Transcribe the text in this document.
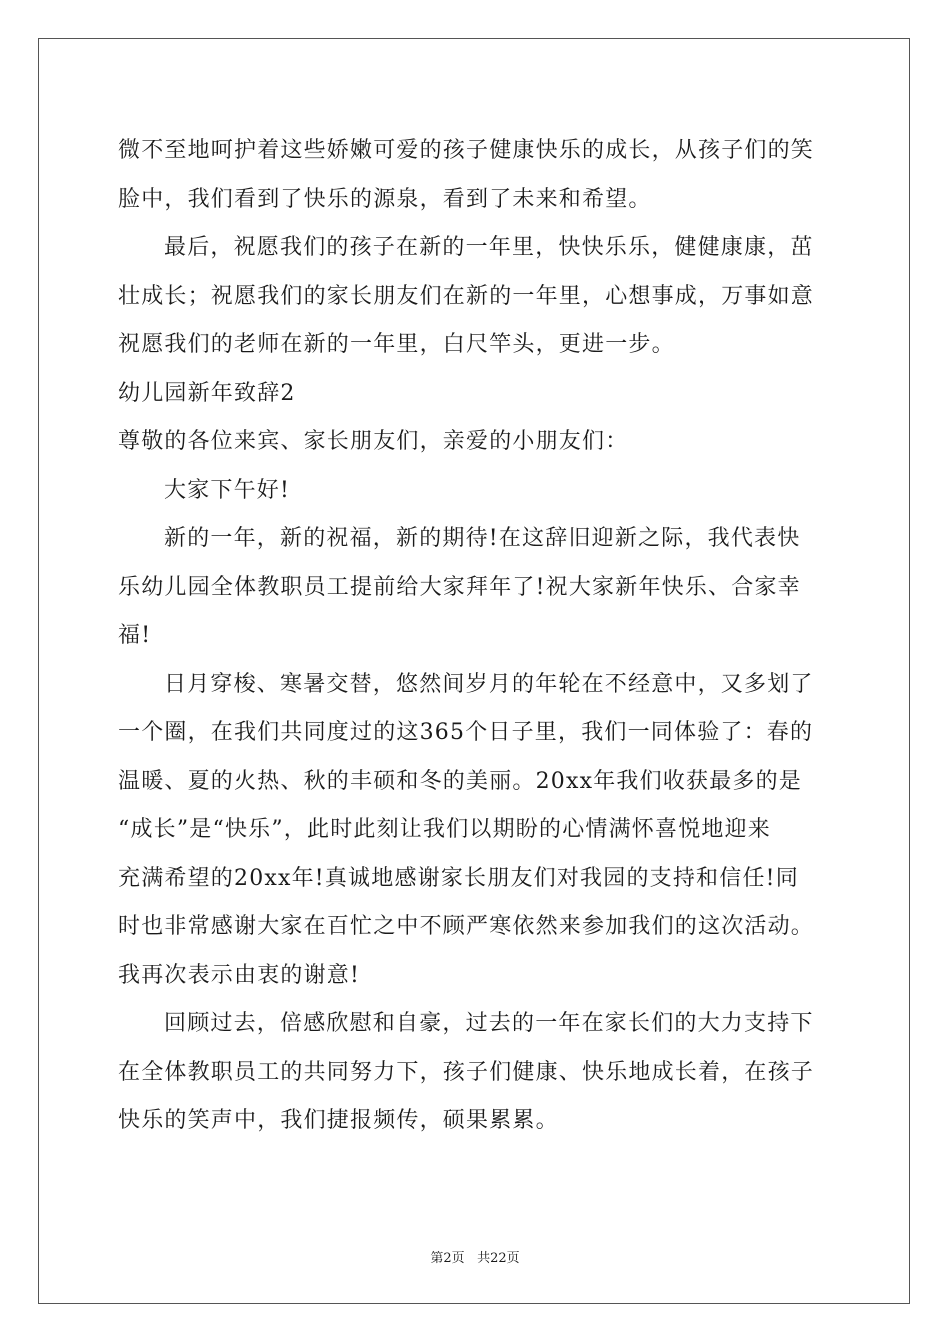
微不至地呵护着这些娇嫩可爱的孩子健康快乐的成长，从孩子们的笑
脸中，我们看到了快乐的源泉，看到了未来和希望。
最后，祝愿我们的孩子在新的一年里，快快乐乐，健健康康，茁
壮成长；祝愿我们的家长朋友们在新的一年里，心想事成，万事如意
祝愿我们的老师在新的一年里，白尺竿头，更进一步。
幼儿园新年致辞2
尊敬的各位来宾、家长朋友们，亲爱的小朋友们：
大家下午好!
新的一年，新的祝福，新的期待!在这辞旧迎新之际，我代表快
乐幼儿园全体教职员工提前给大家拜年了!祝大家新年快乐、合家幸
福!
日月穿梭、寒暑交替，悠然间岁月的年轮在不经意中，又多划了
一个圈，在我们共同度过的这365个日子里，我们一同体验了：春的
温暖、夏的火热、秋的丰硕和冬的美丽。20xx年我们收获最多的是
“成长”是“快乐”，此时此刻让我们以期盼的心情满怀喜悦地迎来
充满希望的20xx年!真诚地感谢家长朋友们对我园的支持和信任!同
时也非常感谢大家在百忙之中不顾严寒依然来参加我们的这次活动。
我再次表示由衷的谢意!
回顾过去，倍感欣慰和自豪，过去的一年在家长们的大力支持下
在全体教职员工的共同努力下，孩子们健康、快乐地成长着，在孩子
快乐的笑声中，我们捷报频传，硕果累累。
第2页 共22页
